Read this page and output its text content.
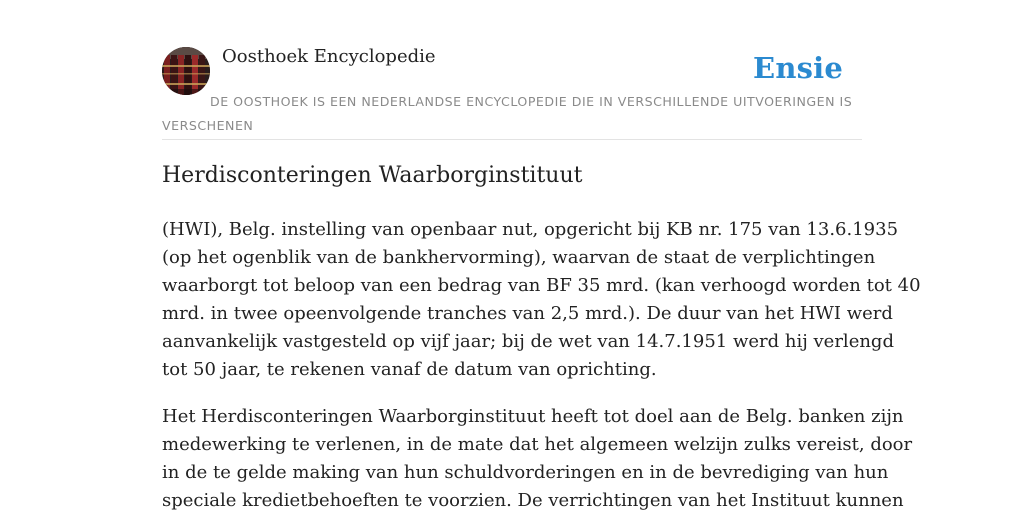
Oosthoek Encyclopedie	Ensie
DE OOSTHOEK IS EEN NEDERLANDSE ENCYCLOPEDIE DIE IN VERSCHILLENDE UITVOERINGEN IS VERSCHENEN
Herdisconteringen Waarborginstituut

(HWI), Belg. instelling van openbaar nut, opgericht bij KB nr. 175 van 13.6.1935
(op het ogenblik van de bankhervorming), waarvan de staat de verplichtingen
waarborgt tot beloop van een bedrag van BF 35 mrd. (kan verhoogd worden tot 40
mrd. in twee opeenvolgende tranches van 2,5 mrd.). De duur van het HWI werd
aanvankelijk vastgesteld op vijf jaar; bij de wet van 14.7.1951 werd hij verlengd
tot 50 jaar, te rekenen vanaf de datum van oprichting.

Het Herdisconteringen Waarborginstituut heeft tot doel aan de Belg. banken zijn
medewerking te verlenen, in de mate dat het algemeen welzijn zulks vereist, door
in de te gelde making van hun schuldvorderingen en in de bevrediging van hun
speciale kredietbehoeften te voorzien. De verrichtingen van het Instituut kunnen
